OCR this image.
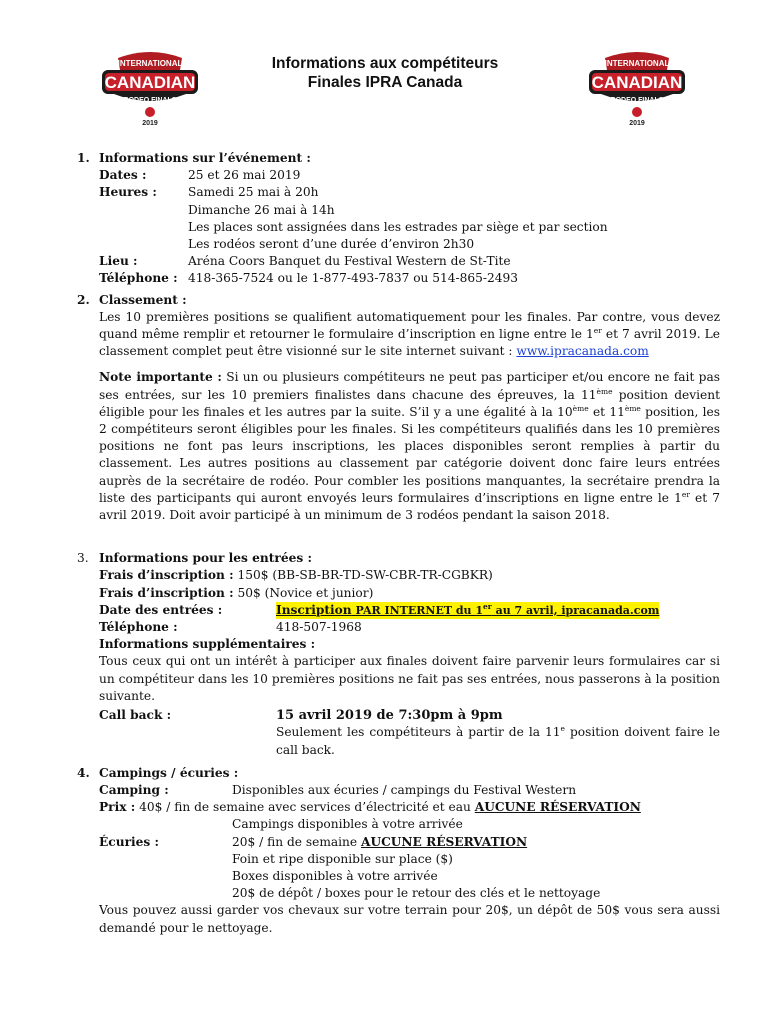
INTERNATIONAL
CANADIAN
RODEO FINALS
2019
INTERNATIONAL
CANADIAN
RODEO FINALS
2019
Informations aux compétiteurs
Finales IPRA Canada
1. Informations sur l’événement :
Dates :	25 et 26 mai 2019
Heures :	Samedi 25 mai à 20h
Dimanche 26 mai à 14h
Les places sont assignées dans les estrades par siège et par section
Les rodéos seront d’une durée d’environ 2h30
Lieu :	Aréna Coors Banquet du Festival Western de St-Tite
Téléphone : 418-365-7524 ou le 1-877-493-7837 ou 514-865-2493
2. Classement :
Les 10 premières positions se qualifient automatiquement pour les finales. Par contre, vous devez quand même remplir et retourner le formulaire d’inscription en ligne entre le 1er et 7 avril 2019. Le classement complet peut être visionné sur le site internet suivant : www.ipracanada.com
Note importante : Si un ou plusieurs compétiteurs ne peut pas participer et/ou encore ne fait pas ses entrées, sur les 10 premiers finalistes dans chacune des épreuves, la 11ème position devient éligible pour les finales et les autres par la suite. S’il y a une égalité à la 10ème et 11ème position, les 2 compétiteurs seront éligibles pour les finales. Si les compétiteurs qualifiés dans les 10 premières positions ne font pas leurs inscriptions, les places disponibles seront remplies à partir du classement. Les autres positions au classement par catégorie doivent donc faire leurs entrées auprès de la secrétaire de rodéo. Pour combler les positions manquantes, la secrétaire prendra la liste des participants qui auront envoyés leurs formulaires d’inscriptions en ligne entre le 1er et 7 avril 2019. Doit avoir participé à un minimum de 3 rodéos pendant la saison 2018.
3. Informations pour les entrées :
Frais d’inscription : 150$ (BB-SB-BR-TD-SW-CBR-TR-CGBKR)
Frais d’inscription : 50$ (Novice et junior)
Date des entrées :	Inscription PAR INTERNET du 1er au 7 avril, ipracanada.com
Téléphone :	418-507-1968
Informations supplémentaires :
Tous ceux qui ont un intérêt à participer aux finales doivent faire parvenir leurs formulaires car si un compétiteur dans les 10 premières positions ne fait pas ses entrées, nous passerons à la position suivante.
Call back :	15 avril 2019 de 7:30pm à 9pm
Seulement les compétiteurs à partir de la 11e position doivent faire le call back.
4. Campings / écuries :
Camping :	Disponibles aux écuries / campings du Festival Western
Prix : 40$ / fin de semaine avec services d’électricité et eau AUCUNE RÉSERVATION
Campings disponibles à votre arrivée
Écuries :	20$ / fin de semaine AUCUNE RÉSERVATION
Foin et ripe disponible sur place ($)
Boxes disponibles à votre arrivée
20$ de dépôt / boxes pour le retour des clés et le nettoyage
Vous pouvez aussi garder vos chevaux sur votre terrain pour 20$, un dépôt de 50$ vous sera aussi demandé pour le nettoyage.
